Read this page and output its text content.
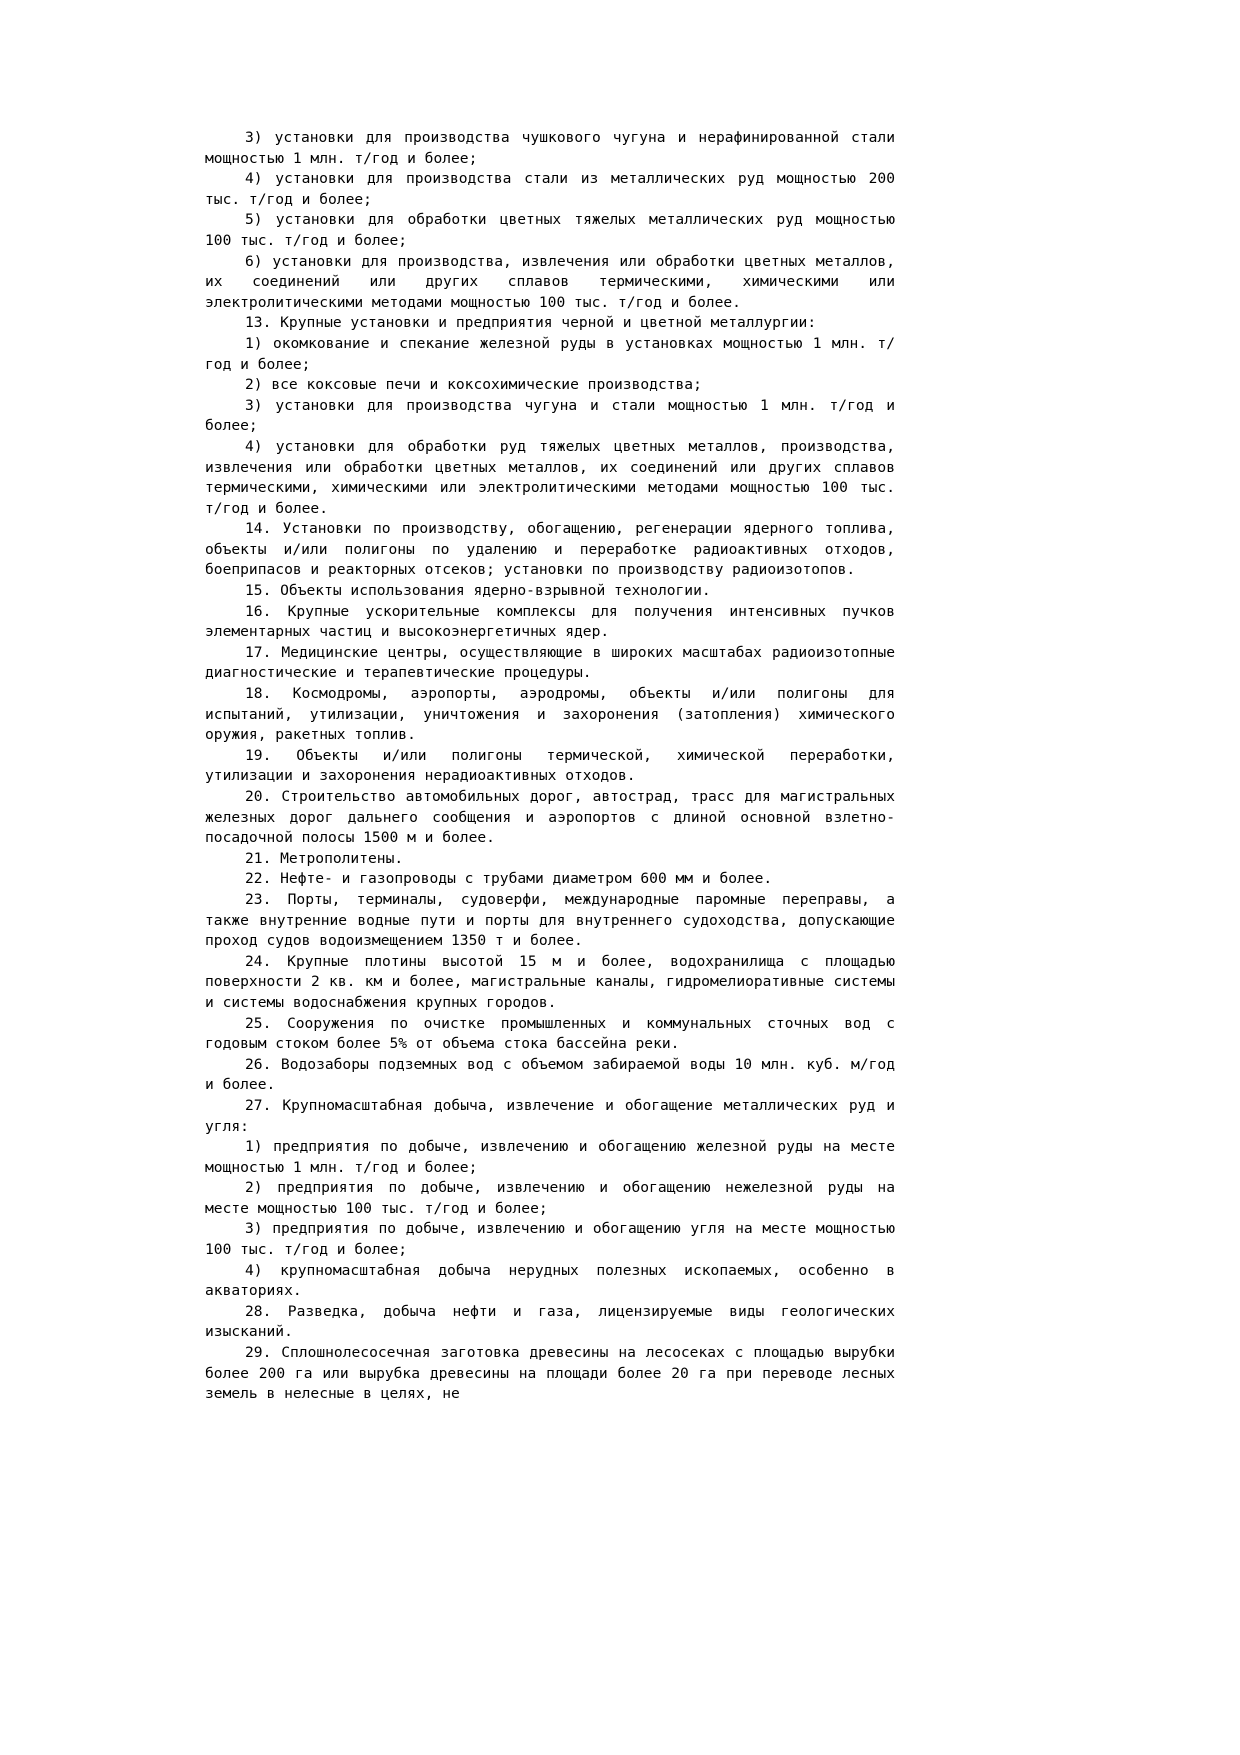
3) установки для производства чушкового чугуна и нерафинированной стали мощностью 1 млн. т/год и более;

4) установки для производства стали из металлических руд мощностью 200 тыс. т/год и более;

5) установки для обработки цветных тяжелых металлических руд мощностью 100 тыс. т/год и более;

6) установки для производства, извлечения или обработки цветных металлов, их соединений или других сплавов термическими, химическими или электролитическими методами мощностью 100 тыс. т/год и более.

13. Крупные установки и предприятия черной и цветной металлургии:

1) окомкование и спекание железной руды в установках мощностью 1 млн. т/год и более;

2) все коксовые печи и коксохимические производства;

3) установки для производства чугуна и стали мощностью 1 млн. т/год и более;

4) установки для обработки руд тяжелых цветных металлов, производства, извлечения или обработки цветных металлов, их соединений или других сплавов термическими, химическими или электролитическими методами мощностью 100 тыс. т/год и более.

14. Установки по производству, обогащению, регенерации ядерного топлива, объекты и/или полигоны по удалению и переработке радиоактивных отходов, боеприпасов и реакторных отсеков; установки по производству радиоизотопов.

15. Объекты использования ядерно-взрывной технологии.

16. Крупные ускорительные комплексы для получения интенсивных пучков элементарных частиц и высокоэнергетичных ядер.

17. Медицинские центры, осуществляющие в широких масштабах радиоизотопные диагностические и терапевтические процедуры.

18. Космодромы, аэропорты, аэродромы, объекты и/или полигоны для испытаний, утилизации, уничтожения и захоронения (затопления) химического оружия, ракетных топлив.

19. Объекты и/или полигоны термической, химической переработки, утилизации и захоронения нерадиоактивных отходов.

20. Строительство автомобильных дорог, автострад, трасс для магистральных железных дорог дальнего сообщения и аэропортов с длиной основной взлетно-посадочной полосы 1500 м и более.

21. Метрополитены.

22. Нефте- и газопроводы с трубами диаметром 600 мм и более.

23. Порты, терминалы, судоверфи, международные паромные переправы, а также внутренние водные пути и порты для внутреннего судоходства, допускающие проход судов водоизмещением 1350 т и более.

24. Крупные плотины высотой 15 м и более, водохранилища с площадью поверхности 2 кв. км и более, магистральные каналы, гидромелиоративные системы и системы водоснабжения крупных городов.

25. Сооружения по очистке промышленных и коммунальных сточных вод с годовым стоком более 5% от объема стока бассейна реки.

26. Водозаборы подземных вод с объемом забираемой воды 10 млн. куб. м/год и более.

27. Крупномасштабная добыча, извлечение и обогащение металлических руд и угля:

1) предприятия по добыче, извлечению и обогащению железной руды на месте мощностью 1 млн. т/год и более;

2) предприятия по добыче, извлечению и обогащению нежелезной руды на месте мощностью 100 тыс. т/год и более;

3) предприятия по добыче, извлечению и обогащению угля на месте мощностью 100 тыс. т/год и более;

4) крупномасштабная добыча нерудных полезных ископаемых, особенно в акваториях.

28. Разведка, добыча нефти и газа, лицензируемые виды геологических изысканий.

29. Сплошнолесосечная заготовка древесины на лесосеках с площадью вырубки более 200 га или вырубка древесины на площади более 20 га при переводе лесных земель в нелесные в целях, не
